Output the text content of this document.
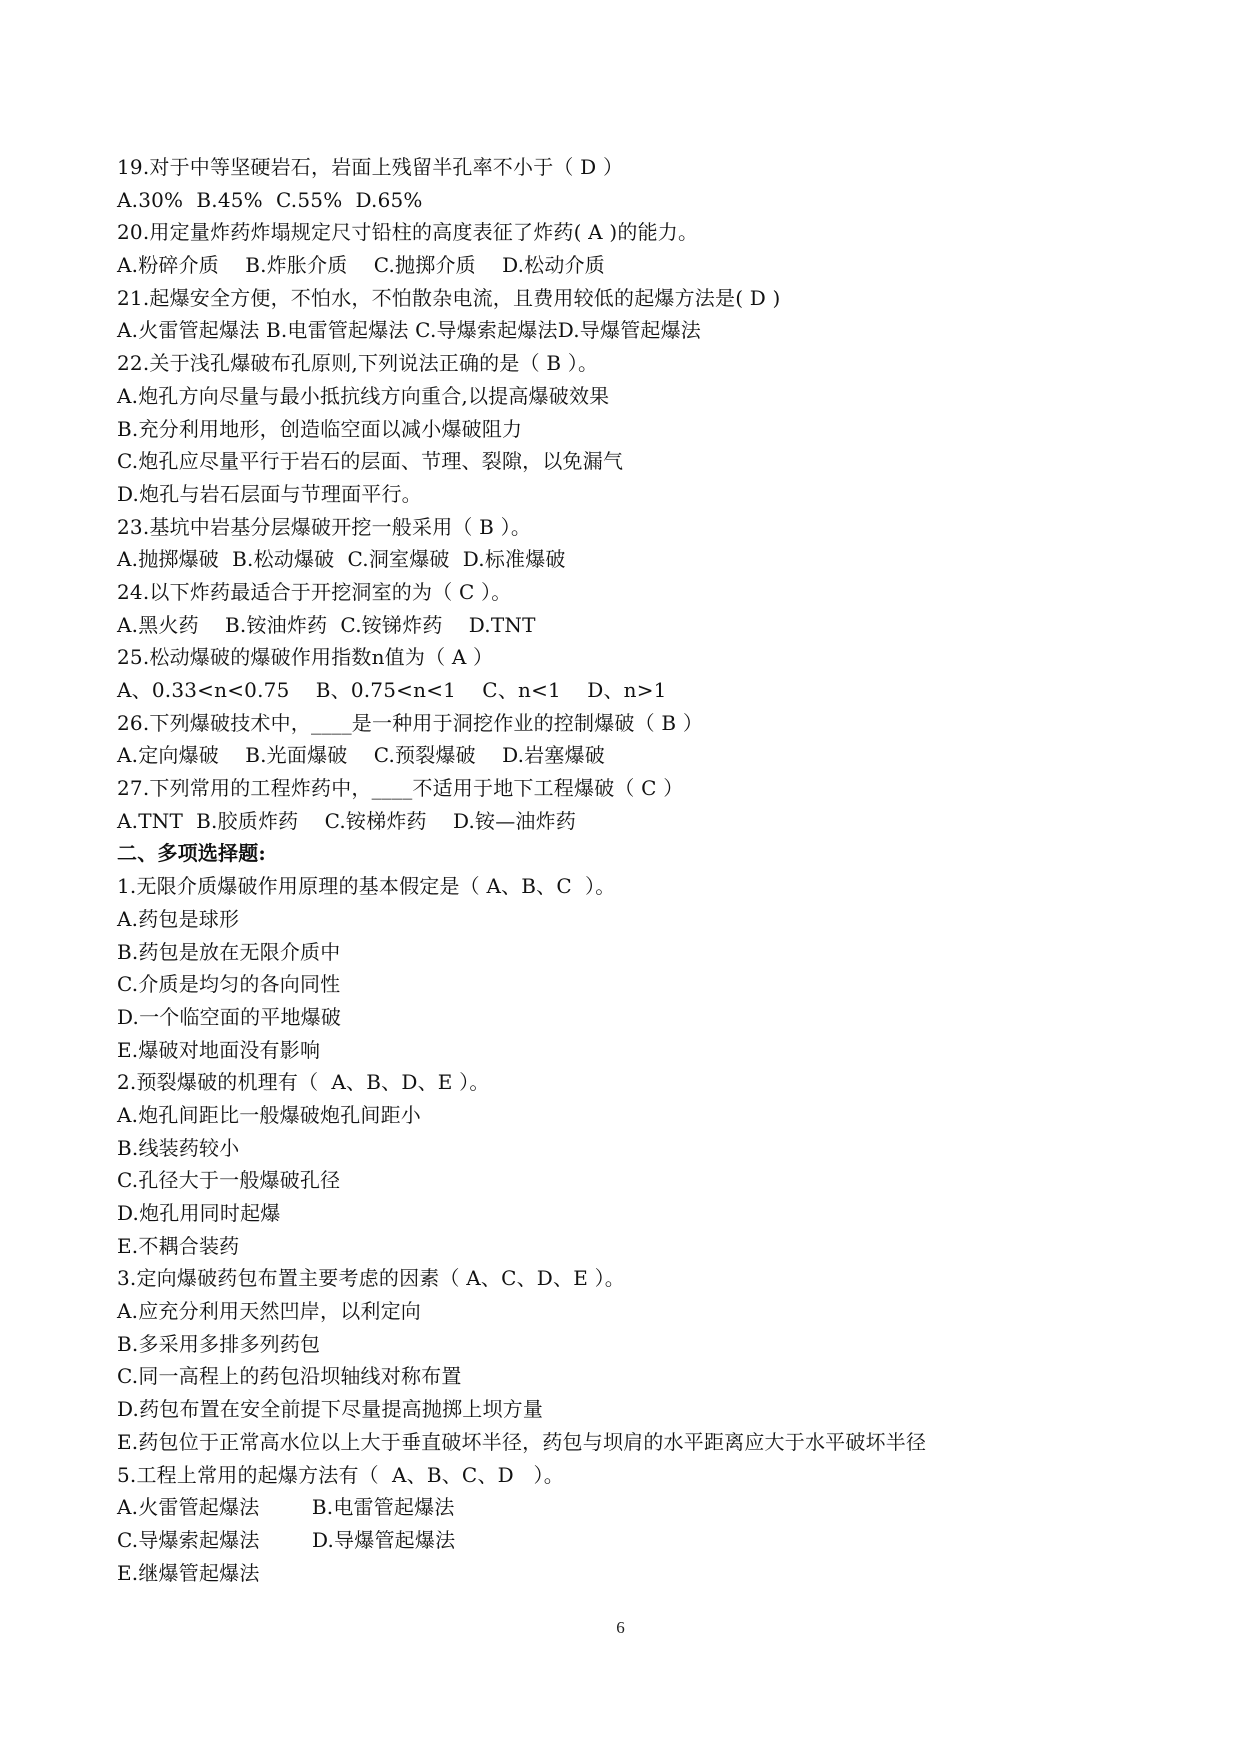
19.对于中等坚硬岩石，岩面上残留半孔率不小于（ D ）
A.30%  B.45%  C.55%  D.65%
20.用定量炸药炸塌规定尺寸铅柱的高度表征了炸药( A )的能力。
A.粉碎介质    B.炸胀介质    C.抛掷介质    D.松动介质
21.起爆安全方便，不怕水，不怕散杂电流，且费用较低的起爆方法是( D )
A.火雷管起爆法 B.电雷管起爆法 C.导爆索起爆法D.导爆管起爆法
22.关于浅孔爆破布孔原则,下列说法正确的是（ B ）。
A.炮孔方向尽量与最小抵抗线方向重合,以提高爆破效果
B.充分利用地形，创造临空面以减小爆破阻力
C.炮孔应尽量平行于岩石的层面、节理、裂隙，以免漏气
D.炮孔与岩石层面与节理面平行。
23.基坑中岩基分层爆破开挖一般采用（ B ）。
A.抛掷爆破  B.松动爆破  C.洞室爆破  D.标准爆破
24.以下炸药最适合于开挖洞室的为（ C ）。
A.黑火药    B.铵油炸药  C.铵锑炸药    D.TNT
25.松动爆破的爆破作用指数n值为（ A ）
A、0.33<n<0.75    B、0.75<n<1    C、n<1    D、n>1
26.下列爆破技术中，____是一种用于洞挖作业的控制爆破（ B ）
A.定向爆破    B.光面爆破    C.预裂爆破    D.岩塞爆破
27.下列常用的工程炸药中，____不适用于地下工程爆破（ C ）
A.TNT  B.胶质炸药    C.铵梯炸药    D.铵—油炸药
二、多项选择题:
1.无限介质爆破作用原理的基本假定是（ A、B、C  ）。
A.药包是球形
B.药包是放在无限介质中
C.介质是均匀的各向同性
D.一个临空面的平地爆破
E.爆破对地面没有影响
2.预裂爆破的机理有（  A、B、D、E ）。
A.炮孔间距比一般爆破炮孔间距小
B.线装药较小
C.孔径大于一般爆破孔径
D.炮孔用同时起爆
E.不耦合装药
3.定向爆破药包布置主要考虑的因素（ A、C、D、E ）。
A.应充分利用天然凹岸，以利定向
B.多采用多排多列药包
C.同一高程上的药包沿坝轴线对称布置
D.药包布置在安全前提下尽量提高抛掷上坝方量
E.药包位于正常高水位以上大于垂直破坏半径，药包与坝肩的水平距离应大于水平破坏半径
5.工程上常用的起爆方法有（  A、B、C、D   ）。
A.火雷管起爆法        B.电雷管起爆法
C.导爆索起爆法        D.导爆管起爆法
E.继爆管起爆法
6
